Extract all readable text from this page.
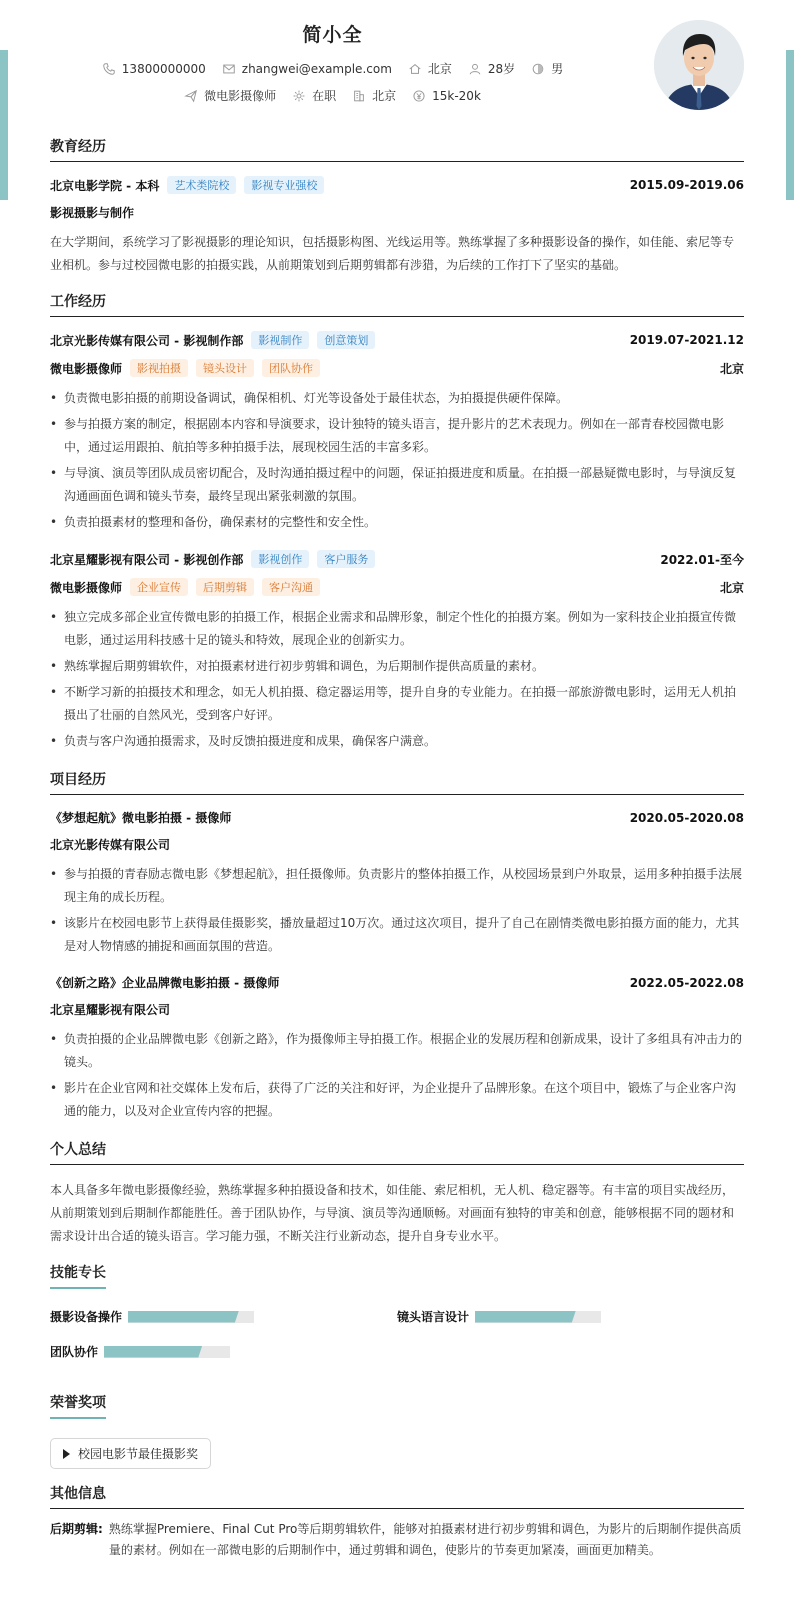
简小全
13800000000	zhangwei@example.com	北京	28岁	男
微电影摄像师	在职	北京	15k-20k
教育经历
北京电影学院 - 本科	艺术类院校	影视专业强校	2015.09-2019.06
影视摄影与制作
在大学期间，系统学习了影视摄影的理论知识，包括摄影构图、光线运用等。熟练掌握了多种摄影设备的操作，如佳能、索尼等专业相机。参与过校园微电影的拍摄实践，从前期策划到后期剪辑都有涉猎，为后续的工作打下了坚实的基础。
工作经历
北京光影传媒有限公司 - 影视制作部	影视制作	创意策划	2019.07-2021.12
微电影摄像师	影视拍摄	镜头设计	团队协作	北京
• 负责微电影拍摄的前期设备调试，确保相机、灯光等设备处于最佳状态，为拍摄提供硬件保障。
• 参与拍摄方案的制定，根据剧本内容和导演要求，设计独特的镜头语言，提升影片的艺术表现力。例如在一部青春校园微电影中，通过运用跟拍、航拍等多种拍摄手法，展现校园生活的丰富多彩。
• 与导演、演员等团队成员密切配合，及时沟通拍摄过程中的问题，保证拍摄进度和质量。在拍摄一部悬疑微电影时，与导演反复沟通画面色调和镜头节奏，最终呈现出紧张刺激的氛围。
• 负责拍摄素材的整理和备份，确保素材的完整性和安全性。
北京星耀影视有限公司 - 影视创作部	影视创作	客户服务	2022.01-至今
微电影摄像师	企业宣传	后期剪辑	客户沟通	北京
• 独立完成多部企业宣传微电影的拍摄工作，根据企业需求和品牌形象，制定个性化的拍摄方案。例如为一家科技企业拍摄宣传微电影，通过运用科技感十足的镜头和特效，展现企业的创新实力。
• 熟练掌握后期剪辑软件，对拍摄素材进行初步剪辑和调色，为后期制作提供高质量的素材。
• 不断学习新的拍摄技术和理念，如无人机拍摄、稳定器运用等，提升自身的专业能力。在拍摄一部旅游微电影时，运用无人机拍摄出了壮丽的自然风光，受到客户好评。
• 负责与客户沟通拍摄需求，及时反馈拍摄进度和成果，确保客户满意。
项目经历
《梦想起航》微电影拍摄 - 摄像师	2020.05-2020.08
北京光影传媒有限公司
• 参与拍摄的青春励志微电影《梦想起航》，担任摄像师。负责影片的整体拍摄工作，从校园场景到户外取景，运用多种拍摄手法展现主角的成长历程。
• 该影片在校园电影节上获得最佳摄影奖，播放量超过10万次。通过这次项目，提升了自己在剧情类微电影拍摄方面的能力，尤其是对人物情感的捕捉和画面氛围的营造。
《创新之路》企业品牌微电影拍摄 - 摄像师	2022.05-2022.08
北京星耀影视有限公司
• 负责拍摄的企业品牌微电影《创新之路》，作为摄像师主导拍摄工作。根据企业的发展历程和创新成果，设计了多组具有冲击力的镜头。
• 影片在企业官网和社交媒体上发布后，获得了广泛的关注和好评，为企业提升了品牌形象。在这个项目中，锻炼了与企业客户沟通的能力，以及对企业宣传内容的把握。
个人总结
本人具备多年微电影摄像经验，熟练掌握多种拍摄设备和技术，如佳能、索尼相机，无人机、稳定器等。有丰富的项目实战经历，从前期策划到后期制作都能胜任。善于团队协作，与导演、演员等沟通顺畅。对画面有独特的审美和创意，能够根据不同的题材和需求设计出合适的镜头语言。学习能力强，不断关注行业新动态，提升自身专业水平。
技能专长
摄影设备操作	镜头语言设计
团队协作
荣誉奖项
校园电影节最佳摄影奖
其他信息
后期剪辑: 熟练掌握Premiere、Final Cut Pro等后期剪辑软件，能够对拍摄素材进行初步剪辑和调色，为影片的后期制作提供高质量的素材。例如在一部微电影的后期制作中，通过剪辑和调色，使影片的节奏更加紧凑，画面更加精美。
